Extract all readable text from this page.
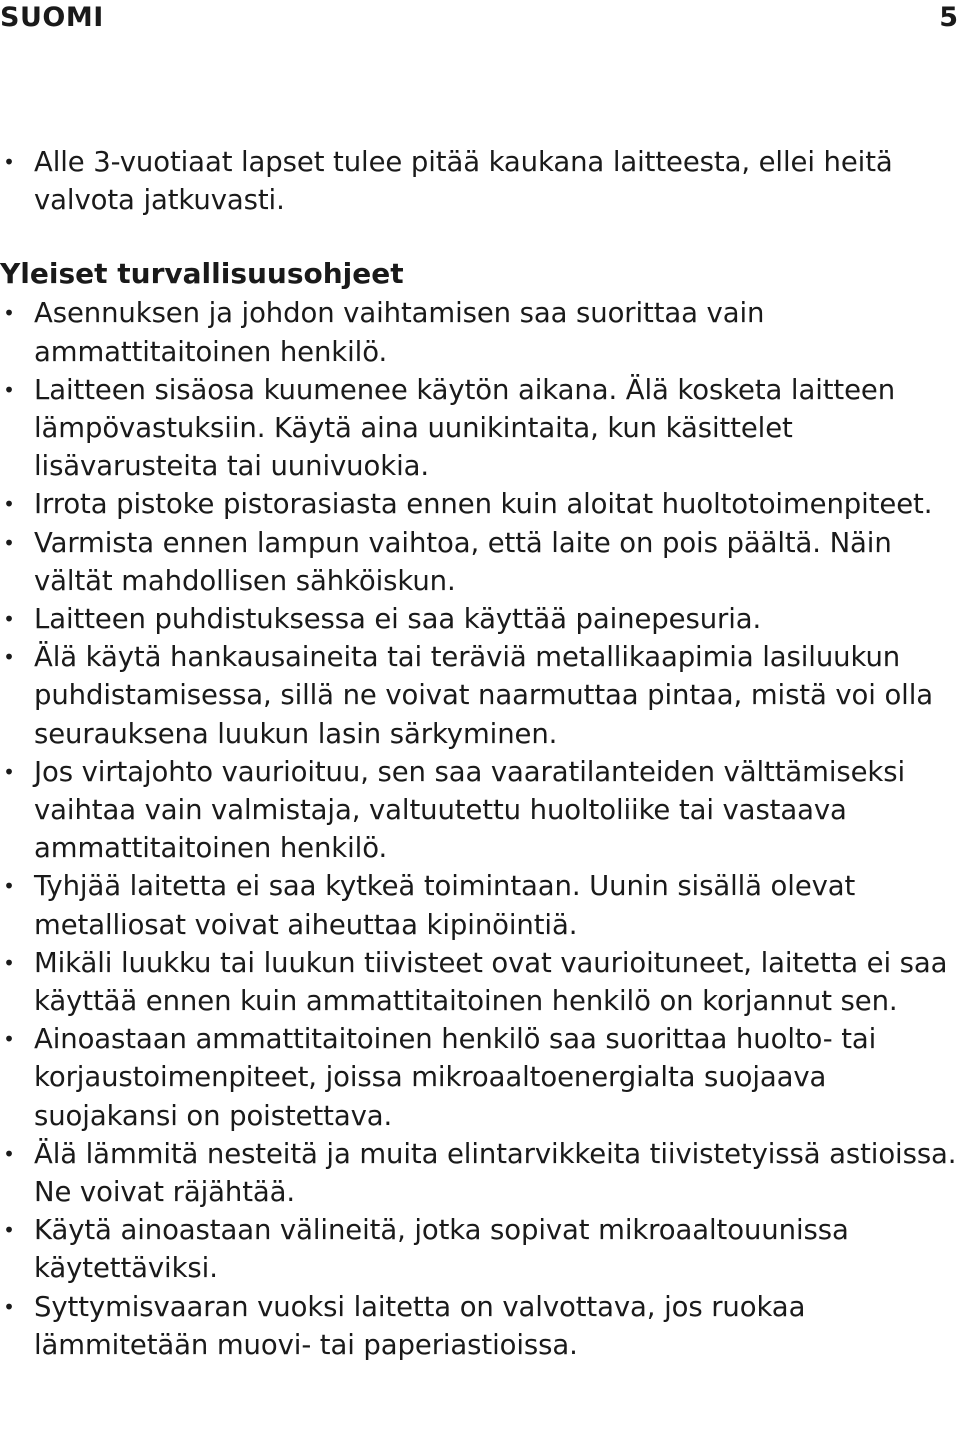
SUOMI	5
• Alle 3-vuotiaat lapset tulee pitää kaukana laitteesta, ellei heitä valvota jatkuvasti.
Yleiset turvallisuusohjeet
• Asennuksen ja johdon vaihtamisen saa suorittaa vain ammattitaitoinen henkilö.
• Laitteen sisäosa kuumenee käytön aikana. Älä kosketa laitteen lämpövastuksiin. Käytä aina uunikintaita, kun käsittelet lisävarusteita tai uunivuokia.
• Irrota pistoke pistorasiasta ennen kuin aloitat huoltotoimenpiteet.
• Varmista ennen lampun vaihtoa, että laite on pois päältä. Näin vältät mahdollisen sähköiskun.
• Laitteen puhdistuksessa ei saa käyttää painepesuria.
• Älä käytä hankausaineita tai teräviä metallikaapimia lasiluukun puhdistamisessa, sillä ne voivat naarmuttaa pintaa, mistä voi olla seurauksena luukun lasin särkyminen.
• Jos virtajohto vaurioituu, sen saa vaaratilanteiden välttämiseksi vaihtaa vain valmistaja, valtuutettu huoltoliike tai vastaava ammattitaitoinen henkilö.
• Tyhjää laitetta ei saa kytkeä toimintaan. Uunin sisällä olevat metalliosat voivat aiheuttaa kipinöintiä.
• Mikäli luukku tai luukun tiivisteet ovat vaurioituneet, laitetta ei saa käyttää ennen kuin ammattitaitoinen henkilö on korjannut sen.
• Ainoastaan ammattitaitoinen henkilö saa suorittaa huolto- tai korjaustoimenpiteet, joissa mikroaaltoenergialta suojaava suojakansi on poistettava.
• Älä lämmitä nesteitä ja muita elintarvikkeita tiivistetyissä astioissa. Ne voivat räjähtää.
• Käytä ainoastaan välineitä, jotka sopivat mikroaaltouunissa käytettäviksi.
• Syttymisvaaran vuoksi laitetta on valvottava, jos ruokaa lämmitetään muovi- tai paperiastioissa.
